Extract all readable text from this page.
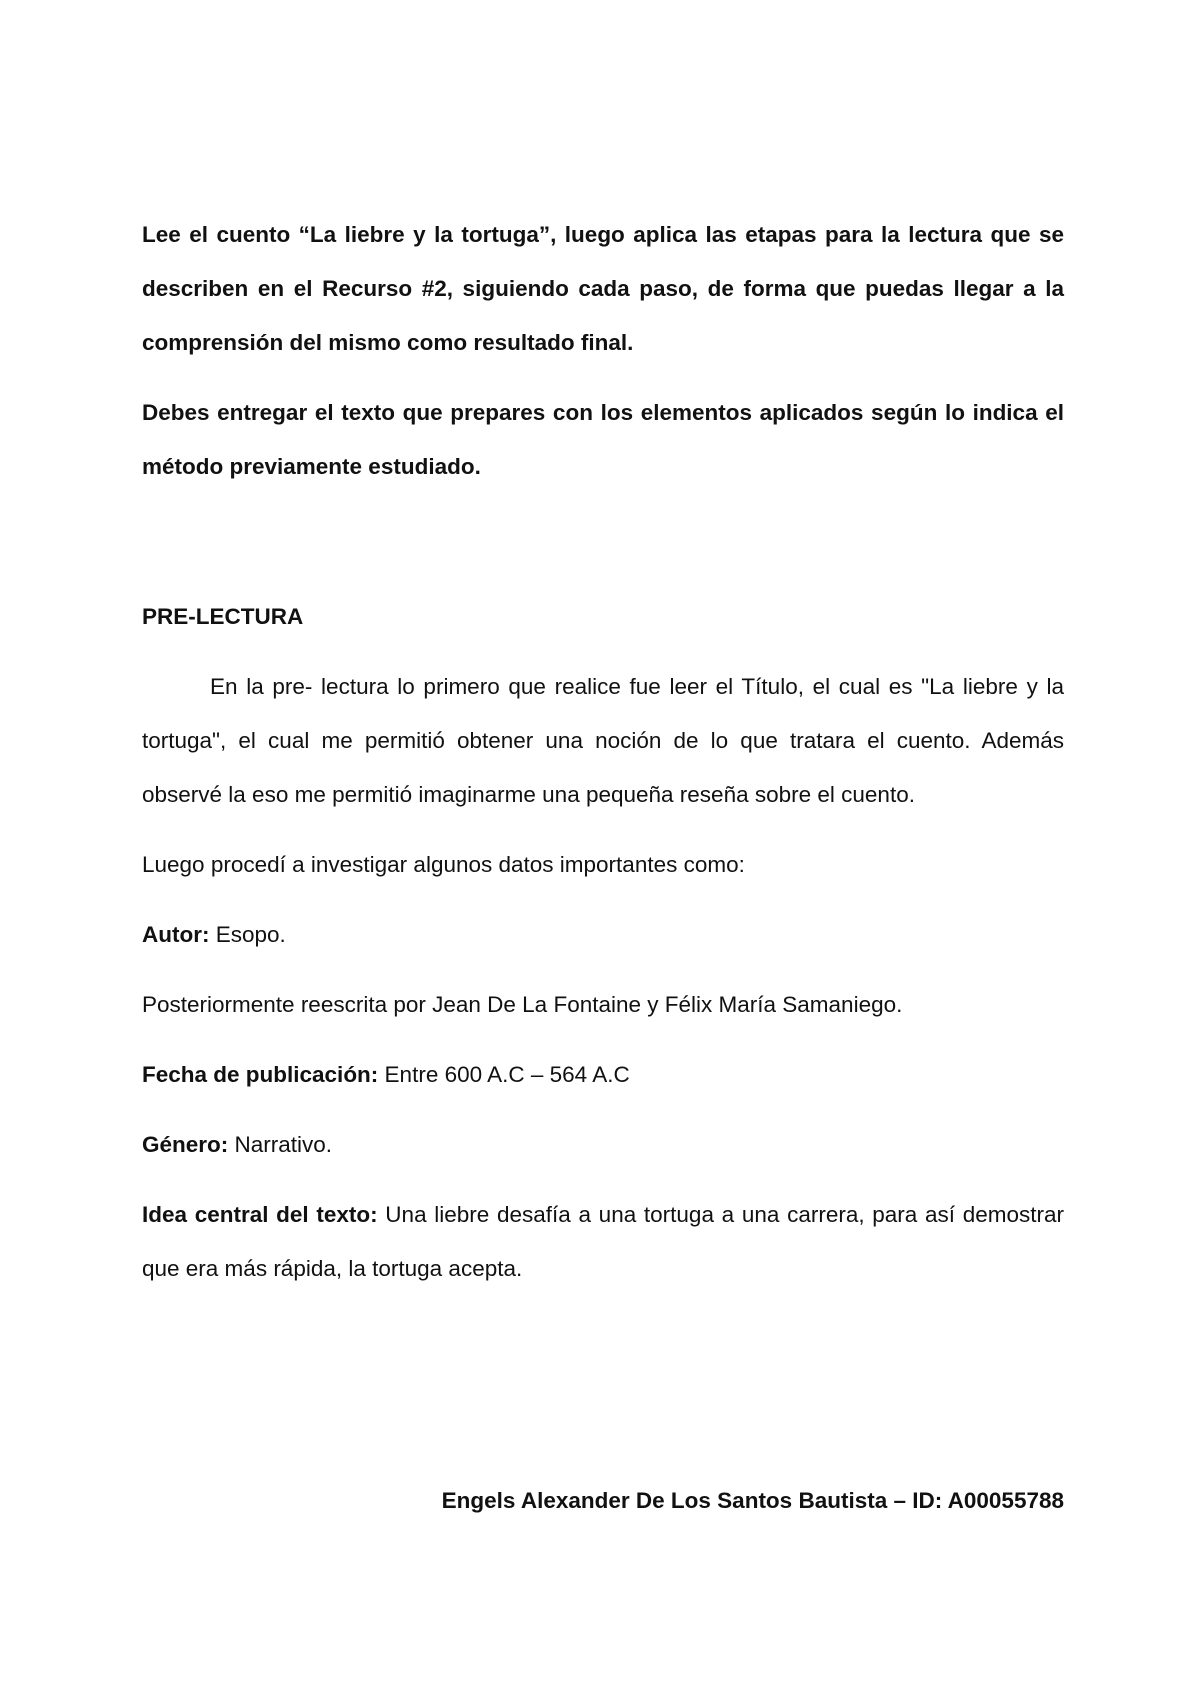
Lee el cuento “La liebre y la tortuga”, luego aplica las etapas para la lectura que se describen en el Recurso #2, siguiendo cada paso, de forma que puedas llegar a la comprensión del mismo como resultado final.

Debes entregar el texto que prepares con los elementos aplicados según lo indica el método previamente estudiado.

PRE-LECTURA

En la pre- lectura lo primero que realice fue leer el Título, el cual es "La liebre y la tortuga", el cual me permitió obtener una noción de lo que tratara el cuento. Además observé la eso me permitió imaginarme una pequeña reseña sobre el cuento.

Luego procedí a investigar algunos datos importantes como:

Autor: Esopo.

Posteriormente reescrita por Jean De La Fontaine y Félix María Samaniego.

Fecha de publicación: Entre 600 A.C – 564 A.C

Género: Narrativo.

Idea central del texto: Una liebre desafía a una tortuga a una carrera, para así demostrar que era más rápida, la tortuga acepta.

Engels Alexander De Los Santos Bautista – ID: A00055788
